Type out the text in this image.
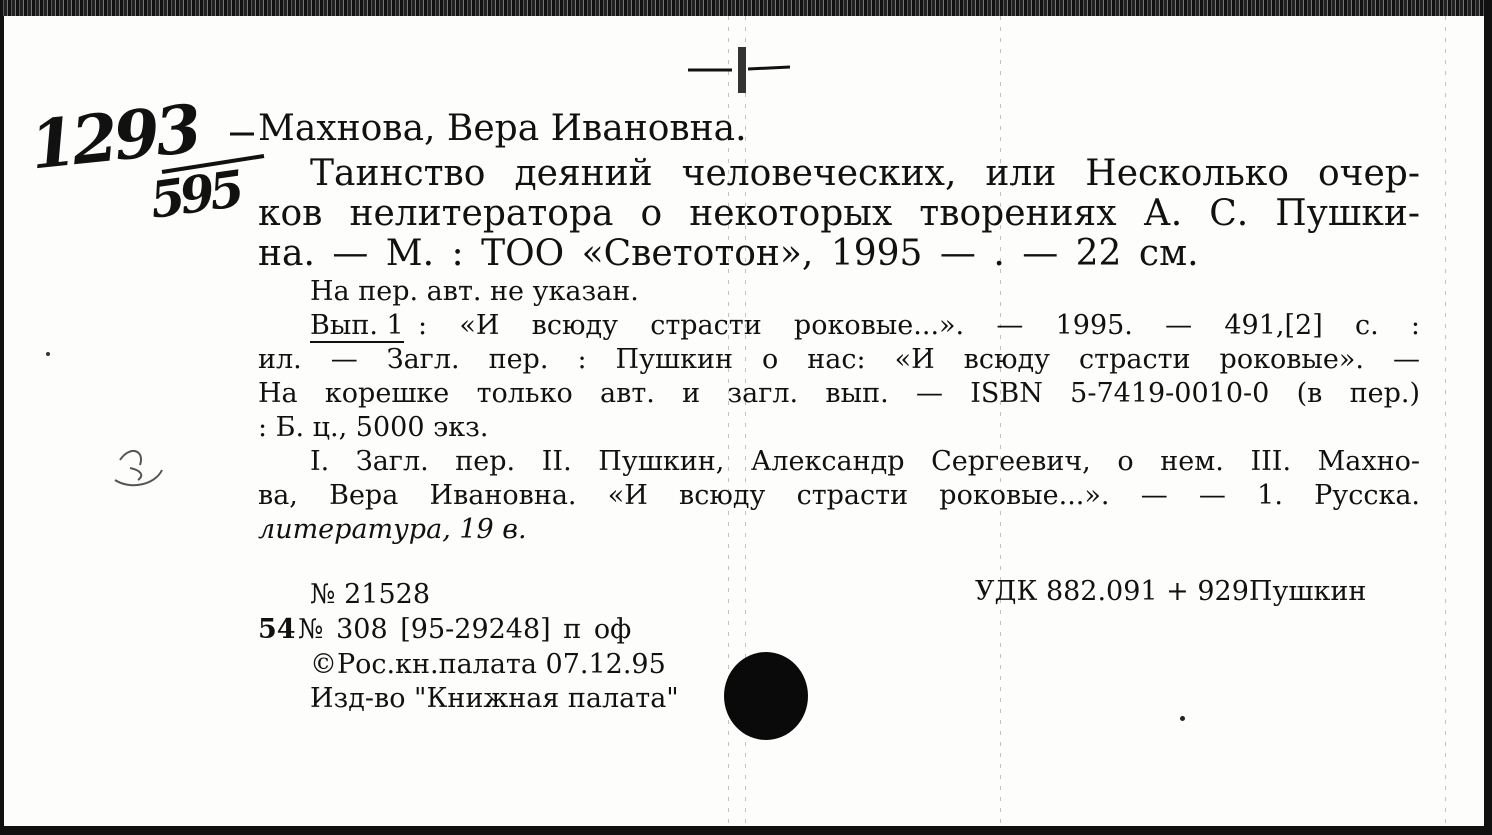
1293
595
Махнова, Вера Ивановна.
Таинство деяний человеческих, или Несколько очер-
ков нелитератора о некоторых творениях А. С. Пушки-
на. — М. : ТОО «Светотон», 1995 — . — 22 см.
На пер. авт. не указан.
Вып. 1 : «И всюду страсти роковые...». — 1995. — 491,[2] с. :
ил. — Загл. пер. : Пушкин о нас: «И всюду страсти роковые». —
На корешке только авт. и загл. вып. — ISBN 5-7419-0010-0 (в пер.)
: Б. ц., 5000 экз.
I. Загл. пер. II. Пушкин, Александр Сергеевич, о нем. III. Махно-
ва, Вера Ивановна. «И всюду страсти роковые...». — — 1. Русска.
литература, 19 в.
№ 21528	УДК 882.091 + 929Пушкин
54 № 308 [95-29248] п оф
©Рос.кн.палата 07.12.95
Изд-во "Книжная палата"
